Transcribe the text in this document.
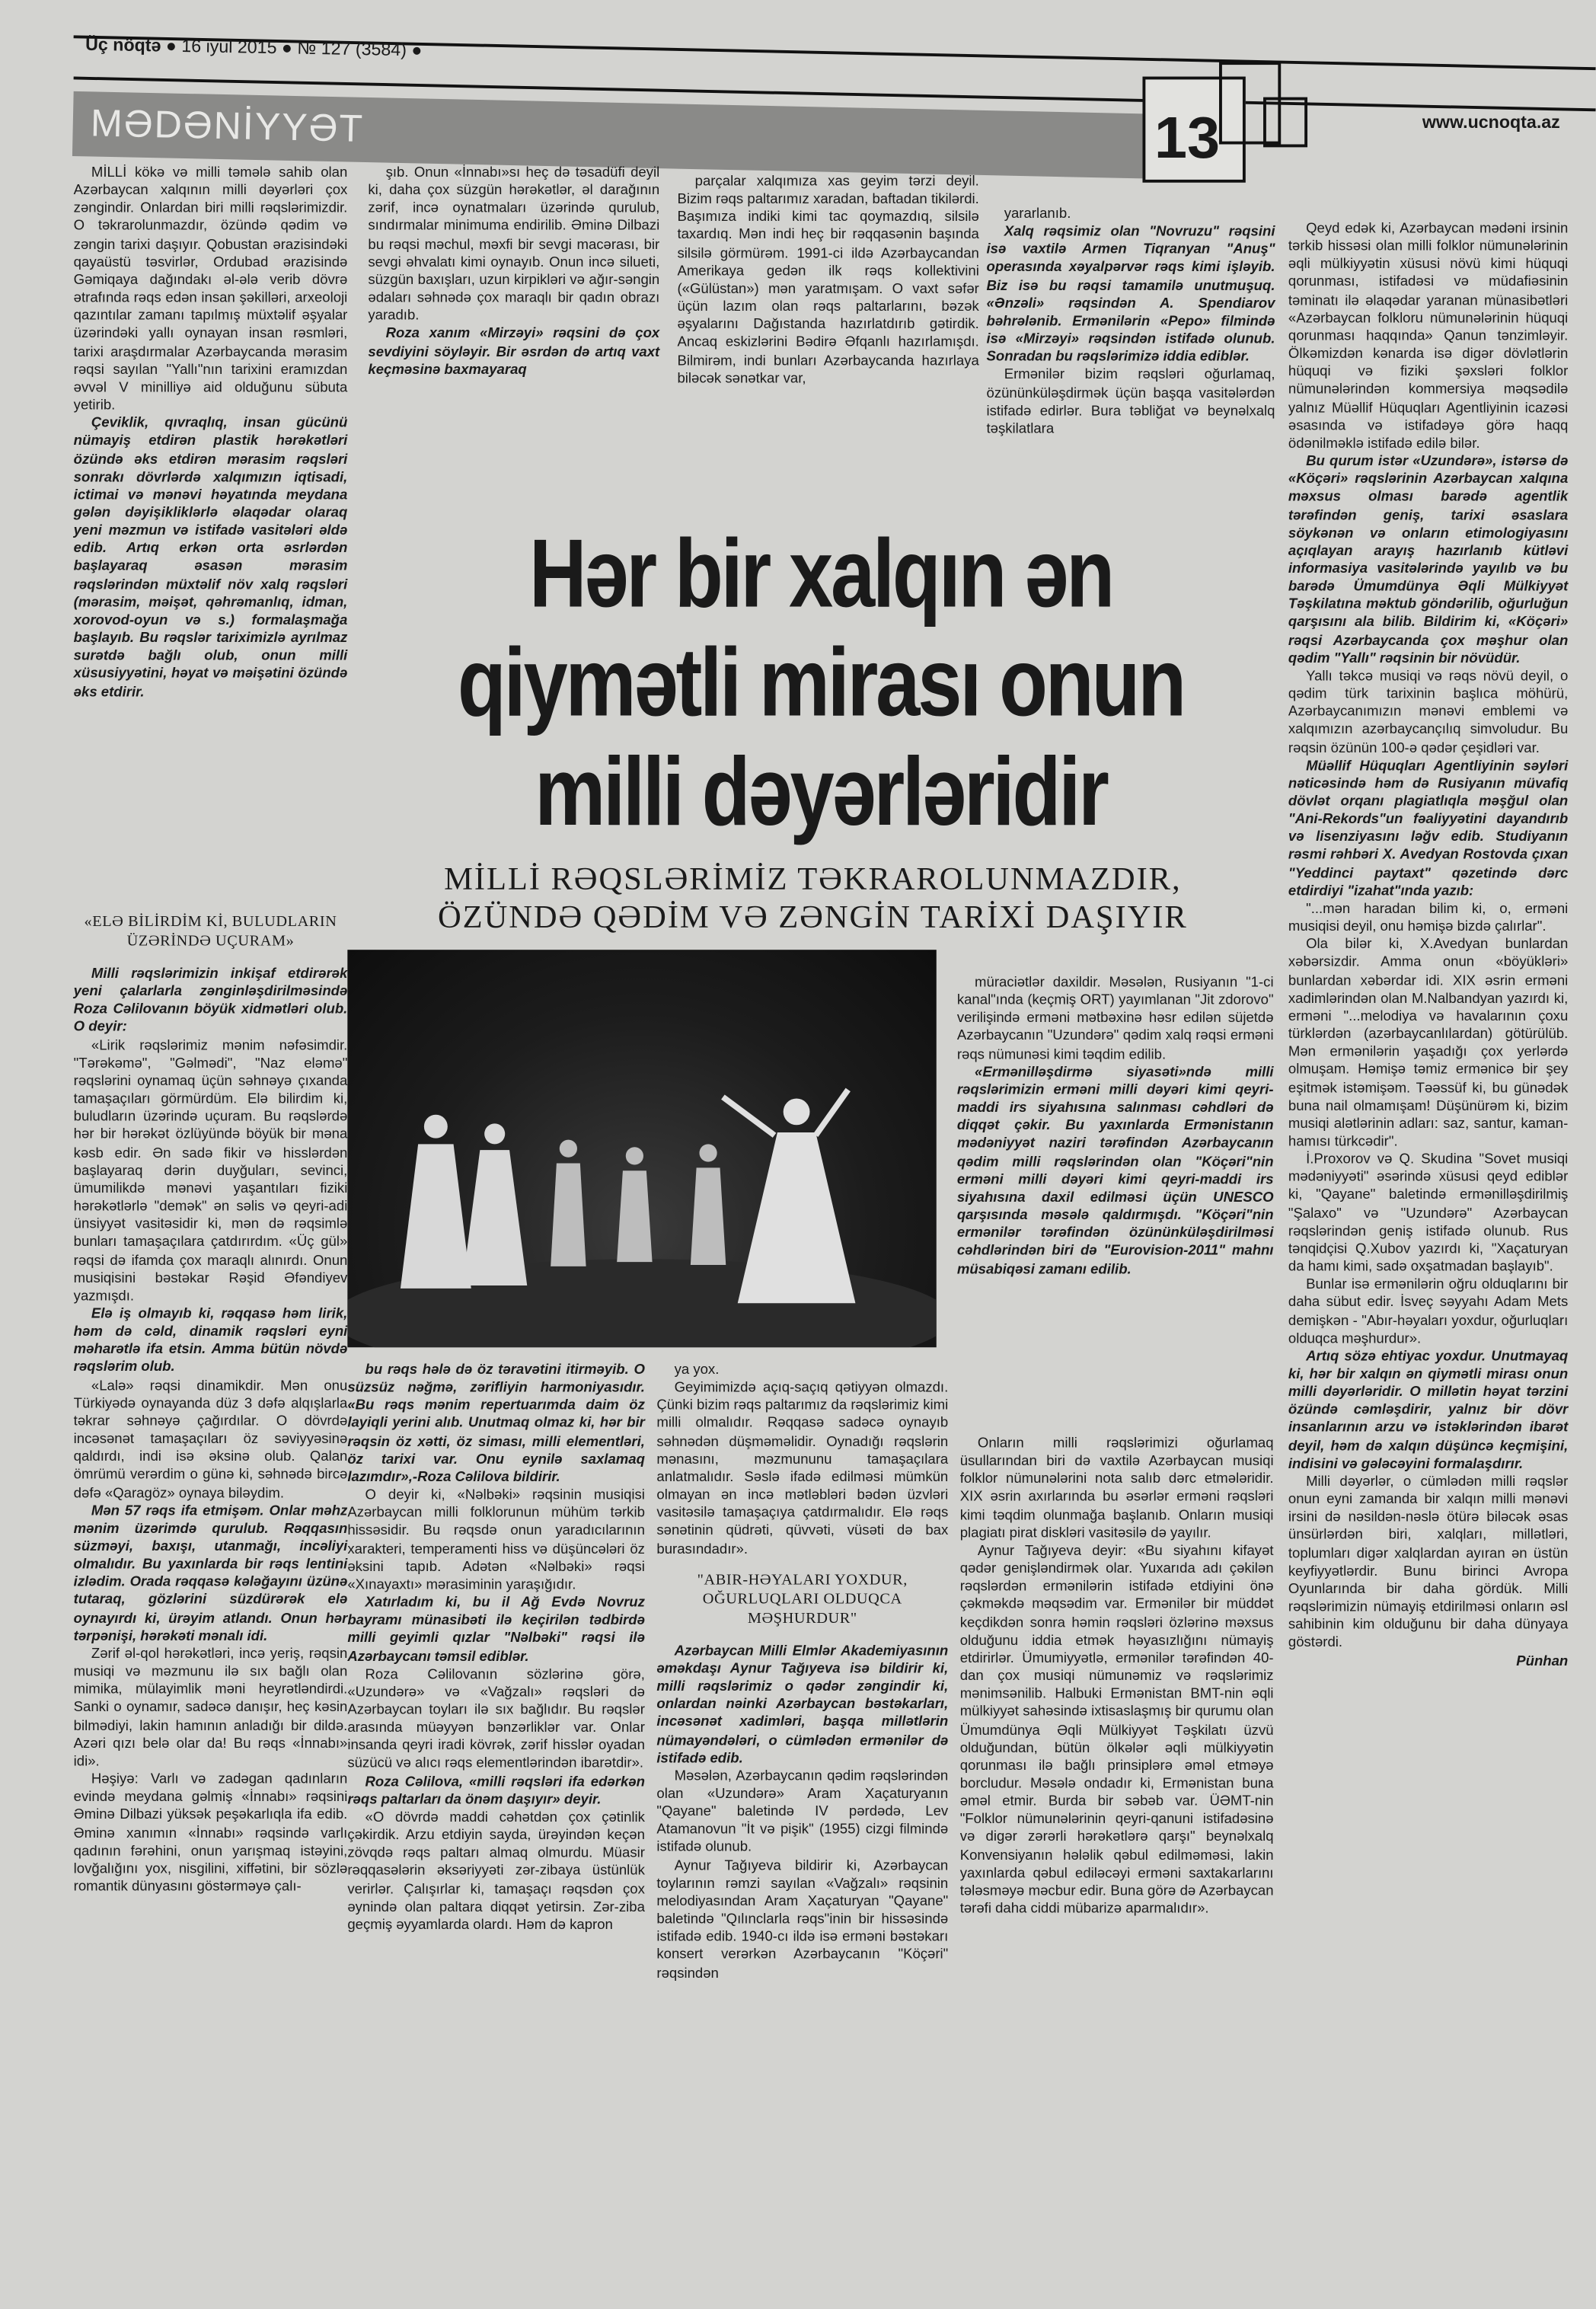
Üç nöqtə ● 16 iyul 2015 ● № 127 (3584) ●
MƏDƏNİYYƏT	13	www.ucnoqta.az

MİLLİ kökə və milli təmələ sahib olan Azərbaycan xalqının milli dəyərləri çox zəngindir. Onlardan biri milli rəqslərimizdir. O təkrarolunmazdır, özündə qədim və zəngin tarixi daşıyır. Qobustan ərazisindəki qayaüstü təsvirlər, Ordubad ərazisində Gəmiqaya dağındakı əl-ələ verib dövrə ətrafında rəqs edən insan şəkilləri, arxeoloji qazıntılar zamanı tapılmış müxtəlif əşyalar üzərindəki yallı oynayan insan rəsmləri, tarixi araşdırmalar Azərbaycanda mərasim rəqsi sayılan "Yallı"nın tarixini eramızdan əvvəl V minilliyə aid olduğunu sübuta yetirib.

Çeviklik, qıvraqlıq, insan gücünü nümayiş etdirən plastik hərəkətləri özündə əks etdirən mərasim rəqsləri sonrakı dövrlərdə xalqımızın iqtisadi, ictimai və mənəvi həyatında meydana gələn dəyişikliklərlə əlaqədar olaraq yeni məzmun və istifadə vasitələri əldə edib. Artıq erkən orta əsrlərdən başlayaraq əsasən mərasim rəqslərindən müxtəlif növ xalq rəqsləri (mərasim, məişət, qəhrəmanlıq, idman, xorovod-oyun və s.) formalaşmağa başlayıb. Bu rəqslər tariximizlə ayrılmaz surətdə bağlı olub, onun milli xüsusiyyətini, həyat və məişətini özündə əks etdirir.

şıb. Onun «İnnabı»sı heç də təsadüfi deyil ki, daha çox süzgün hərəkətlər, əl darağının zərif, incə oynatmaları üzərində qurulub, sındırmalar minimuma endirilib. Əminə Dilbazi bu rəqsi məchul, məxfi bir sevgi macərası, bir sevgi əhvalatı kimi oynayıb. Onun incə silueti, süzgün baxışları, uzun kirpikləri və ağır-səngin ədaları səhnədə çox maraqlı bir qadın obrazı yaradıb.

Roza xanım «Mirzəyi» rəqsini də çox sevdiyini söyləyir. Bir əsrdən də artıq vaxt keçməsinə baxmayaraq

parçalar xalqımıza xas geyim tərzi deyil. Bizim rəqs paltarımız xaradan, baftadan tikilərdi. Başımıza indiki kimi tac qoymazdıq, silsilə taxardıq. Mən indi heç bir rəqqasənin başında silsilə görmürəm. 1991-ci ildə Azərbaycandan Amerikaya gedən ilk rəqs kollektivini («Gülüstan») mən yaratmışam. O vaxt səfər üçün lazım olan rəqs paltarlarını, bəzək əşyalarını Dağıstanda hazırlatdırıb gətirdik. Ancaq eskizlərini Bədirə Əfqanlı hazırlamışdı. Bilmirəm, indi bunları Azərbaycanda hazırlaya biləcək sənətkar var,

yararlanıb.

Xalq rəqsimiz olan "Novruzu" rəqsini isə vaxtilə Armen Tiqranyan "Anuş" operasında xəyalpərvər rəqs kimi işləyib. Biz isə bu rəqsi tamamilə unutmuşuq. «Ənzəli» rəqsindən A. Spendiarov bəhrələnib. Ermənilərin «Pepo» filmində isə «Mirzəyi» rəqsindən istifadə olunub. Sonradan bu rəqslərimizə iddia ediblər.

Ermənilər bizim rəqsləri oğurlamaq, özününküləşdirmək üçün başqa vasitələrdən istifadə edirlər. Bura təbliğat və beynəlxalq təşkilatlara

Qeyd edək ki, Azərbaycan mədəni irsinin tərkib hissəsi olan milli folklor nümunələrinin əqli mülkiyyətin xüsusi növü kimi hüquqi qorunması, istifadəsi və müdafiəsinin təminatı ilə əlaqədar yaranan münasibətləri «Azərbaycan folkloru nümunələrinin hüquqi qorunması haqqında» Qanun tənzimləyir. Ölkəmizdən kənarda isə digər dövlətlərin hüquqi və fiziki şəxsləri folklor nümunələrindən kommersiya məqsədilə yalnız Müəllif Hüquqları Agentliyinin icazəsi əsasında və istifadəyə görə haqq ödənilməklə istifadə edilə bilər.

Bu qurum istər «Uzundərə», istərsə də «Köçəri» rəqslərinin Azərbaycan xalqına məxsus olması barədə agentlik tərəfindən geniş, tarixi əsaslara söykənən və onların etimologiyasını açıqlayan arayış hazırlanıb kütləvi informasiya vasitələrində yayılıb və bu barədə Ümumdünya Əqli Mülkiyyət Təşkilatına məktub göndərilib, oğurluğun qarşısını ala bilib. Bildirim ki, «Köçəri» rəqsi Azərbaycanda çox məşhur olan qədim "Yallı" rəqsinin bir növüdür.

Yallı təkcə musiqi və rəqs növü deyil, o qədim türk tarixinin başlıca möhürü, Azərbaycanımızın mənəvi emblemi və xalqımızın azərbaycançılıq simvoludur. Bu rəqsin özünün 100-ə qədər çeşidləri var.

Müəllif Hüquqları Agentliyinin səyləri nəticəsində həm də Rusiyanın müvafiq dövlət orqanı plagiatlıqla məşğul olan "Ani-Rekords"un fəaliyyətini dayandırıb və lisenziyasını ləğv edib. Studiyanın rəsmi rəhbəri X. Avedyan Rostovda çıxan "Yeddinci paytaxt" qəzetində dərc etdirdiyi "izahat"ında yazıb:

"...mən haradan bilim ki, o, erməni musiqisi deyil, onu həmişə bizdə çalırlar".

Ola bilər ki, X.Avedyan bunlardan xəbərsizdir. Amma onun «böyükləri» bunlardan xəbərdar idi. XIX əsrin erməni xadimlərindən olan M.Nalbandyan yazırdı ki, erməni "...melodiya və havalarının çoxu türklərdən (azərbaycanlılardan) götürülüb. Mən ermənilərin yaşadığı çox yerlərdə olmuşam. Həmişə təmiz ermənicə bir şey eşitmək istəmişəm. Təəssüf ki, bu günədək buna nail olmamışam! Düşünürəm ki, bizim musiqi alətlərinin adları: saz, santur, kaman-hamısı türkcədir".

İ.Proxorov və Q. Skudina "Sovet musiqi mədəniyyəti" əsərində xüsusi qeyd ediblər ki, "Qayane" baletində ermənilləşdirilmiş "Şalaxo" və "Uzundərə" Azərbaycan rəqslərindən geniş istifadə olunub. Rus tənqidçisi Q.Xubov yazırdı ki, "Xaçaturyan da hamı kimi, sadə oxşatmadan başlayıb".

Bunlar isə ermənilərin oğru olduqlarını bir daha sübut edir. İsveç səyyahı Adam Mets demişkən - "Abır-həyaları yoxdur, oğurluqları olduqca məşhurdur».

Artıq sözə ehtiyac yoxdur. Unutmayaq ki, hər bir xalqın ən qiymətli mirası onun milli dəyərləridir. O millətin həyat tərzini özündə cəmləşdirir, yalnız bir dövr insanlarının arzu və istəklərindən ibarət deyil, həm də xalqın düşüncə keçmişini, indisini və gələcəyini formalaşdırır.

Milli dəyərlər, o cümlədən milli rəqslər onun eyni zamanda bir xalqın milli mənəvi irsini də nəsildən-nəslə ötürə biləcək əsas ünsürlərdən biri, xalqları, millətləri, toplumları digər xalqlardan ayıran ən üstün keyfiyyətlərdir. Bunu birinci Avropa Oyunlarında bir daha gördük. Milli rəqslərimizin nümayiş etdirilməsi onların əsl sahibinin kim olduğunu bir daha dünyaya göstərdi.

Pünhan

Hər bir xalqın ən
qiymətli mirası onun
milli dəyərləridir
MİLLİ RƏQSLƏRİMİZ TƏKRAROLUNMAZDIR,
ÖZÜNDƏ QƏDİM VƏ ZƏNGİN TARİXİ DAŞIYIR

«ELƏ BİLİRDİM Kİ, BULUDLARIN ÜZƏRİNDƏ UÇURAM»

Milli rəqslərimizin inkişaf etdirərək yeni çalarlarla zənginləşdirilməsində Roza Cəlilovanın böyük xidmətləri olub. O deyir:

«Lirik rəqslərimiz mənim nəfəsimdir. "Tərəkəmə", "Gəlmədi", "Naz eləmə" rəqslərini oynamaq üçün səhnəyə çıxanda tamaşaçıları görmürdüm. Elə bilirdim ki, buludların üzərində uçuram. Bu rəqslərdə hər bir hərəkət özlüyündə böyük bir məna kəsb edir. Ən sadə fikir və hisslərdən başlayaraq dərin duyğuları, sevinci, ümumilikdə mənəvi yaşantıları fiziki hərəkətlərlə "demək" ən səlis və qeyri-adi ünsiyyət vasitəsidir ki, mən də rəqsimlə bunları tamaşaçılara çatdırırdım. «Üç gül» rəqsi də ifamda çox maraqlı alınırdı. Onun musiqisini bəstəkar Rəşid Əfəndiyev yazmışdı.

Elə iş olmayıb ki, rəqqasə həm lirik, həm də cəld, dinamik rəqsləri eyni məharətlə ifa etsin. Amma bütün növdə rəqslərim olub.

«Lalə» rəqsi dinamikdir. Mən onu Türkiyədə oynayanda düz 3 dəfə alqışlarla təkrar səhnəyə çağırdılar. O dövrdə incəsənət tamaşaçıları öz səviyyəsinə qaldırdı, indi isə əksinə olub. Qalan ömrümü verərdim o günə ki, səhnədə bircə dəfə «Qaragöz» oynaya biləydim.

Mən 57 rəqs ifa etmişəm. Onlar məhz mənim üzərimdə qurulub. Rəqqasın süzməyi, baxışı, utanmağı, incəliyi olmalıdır. Bu yaxınlarda bir rəqs lentini izlədim. Orada rəqqasə kələğayını üzünə tutaraq, gözlərini süzdürərək elə oynayırdı ki, ürəyim atlandı. Onun hər tərpənişi, hərəkəti mənalı idi.

Zərif əl-qol hərəkətləri, incə yeriş, rəqsin musiqi və məzmunu ilə sıx bağlı olan mimika, mülayimlik məni heyrətləndirdi. Sanki o oynamır, sadəcə danışır, heç kəsin bilmədiyi, lakin hamının anladığı bir dildə. Azəri qızı belə olar da! Bu rəqs «İnnabı» idi».

Həşiyə: Varlı və zadəgan qadınların evində meydana gəlmiş «İnnabı» rəqsini Əminə Dilbazi yüksək peşəkarlıqla ifa edib. Əminə xanımın «İnnabı» rəqsində varlı qadının fərəhini, onun yarışmaq istəyini, lovğalığını yox, nisgilini, xiffətini, bir sözlə romantik dünyasını göstərməyə çalı-

müraciətlər daxildir. Məsələn, Rusiyanın "1-ci kanal"ında (keçmiş ORT) yayımlanan "Jit zdorovo" verilişində erməni mətbəxinə həsr edilən süjetdə Azərbaycanın "Uzundərə" qədim xalq rəqsi erməni rəqs nümunəsi kimi təqdim edilib.

«Ermənilləşdirmə siyasəti»ndə milli rəqslərimizin erməni milli dəyəri kimi qeyri-maddi irs siyahısına salınması cəhdləri də diqqət çəkir. Bu yaxınlarda Ermənistanın mədəniyyət naziri tərəfindən Azərbaycanın qədim milli rəqslərindən olan "Köçəri"nin erməni milli dəyəri kimi qeyri-maddi irs siyahısına daxil edilməsi üçün UNESCO qarşısında məsələ qaldırmışdı. "Köçəri"nin ermənilər tərəfindən özününküləşdirilməsi cəhdlərindən biri də "Eurovision-2011" mahnı müsabiqəsi zamanı edilib.

bu rəqs hələ də öz təravətini itirməyib. O süzsüz nəğmə, zərifliyin harmoniyasıdır. «Bu rəqs mənim repertuarımda daim öz layiqli yerini alıb. Unutmaq olmaz ki, hər bir rəqsin öz xətti, öz siması, milli elementləri, öz tarixi var. Onu eynilə saxlamaq lazımdır»,-Roza Cəlilova bildirir.

O deyir ki, «Nəlbəki» rəqsinin musiqisi Azərbaycan milli folklorunun mühüm tərkib hissəsidir. Bu rəqsdə onun yaradıcılarının xarakteri, temperamenti hiss və düşüncələri öz əksini tapıb. Adətən «Nəlbəki» rəqsi «Xınayaxtı» mərasiminin yaraşığıdır.

Xatırladım ki, bu il Ağ Evdə Novruz bayramı münasibəti ilə keçirilən tədbirdə milli geyimli qızlar "Nəlbəki" rəqsi ilə Azərbaycanı təmsil ediblər.

Roza Cəlilovanın sözlərinə görə, «Uzundərə» və «Vağzalı» rəqsləri də Azərbaycan toyları ilə sıx bağlıdır. Bu rəqslər arasında müəyyən bənzərliklər var. Onlar insanda qeyri iradi kövrək, zərif hisslər oyadan süzücü və alıcı rəqs elementlərindən ibarətdir».

Roza Cəlilova, «milli rəqsləri ifa edərkən rəqs paltarları da önəm daşıyır» deyir.

«O dövrdə maddi cəhətdən çox çətinlik çəkirdik. Arzu etdiyin sayda, ürəyindən keçən zövqdə rəqs paltarı almaq olmurdu. Müasir rəqqasələrin əksəriyyəti zər-zibaya üstünlük verirlər. Çalışırlar ki, tamaşaçı rəqsdən çox əynində olan paltara diqqət yetirsin. Zər-ziba geçmiş əyyamlarda olardı. Həm də kapron

ya yox.

Geyimimizdə açıq-saçıq qətiyyən olmazdı. Çünki bizim rəqs paltarımız da rəqslərimiz kimi milli olmalıdır. Rəqqasə sadəcə oynayıb səhnədən düşməməlidir. Oynadığı rəqslərin mənasını, məzmununu tamaşaçılara anlatmalıdır. Səslə ifadə edilməsi mümkün olmayan ən incə mətləbləri bədən üzvləri vasitəsilə tamaşaçıya çatdırmalıdır. Elə rəqs sənətinin qüdrəti, qüvvəti, vüsəti də bax burasındadır».

"ABIR-HƏYALARI YOXDUR, OĞURLUQLARI OLDUQCA MƏŞHURDUR"

Azərbaycan Milli Elmlər Akademiyasının əməkdaşı Aynur Tağıyeva isə bildirir ki, milli rəqslərimiz o qədər zəngindir ki, onlardan nəinki Azərbaycan bəstəkarları, incəsənət xadimləri, başqa millətlərin nümayəndələri, o cümlədən ermənilər də istifadə edib.

Məsələn, Azərbaycanın qədim rəqslərindən olan «Uzundərə» Aram Xaçaturyanın "Qayane" baletində IV pərdədə, Lev Atamanovun "İt və pişik" (1955) cizgi filmində istifadə olunub.

Aynur Tağıyeva bildirir ki, Azərbaycan toylarının rəmzi sayılan «Vağzalı» rəqsinin melodiyasından Aram Xaçaturyan "Qayane" baletində "Qılınclarla rəqs"inin bir hissəsində istifadə edib. 1940-cı ildə isə erməni bəstəkarı konsert verərkən Azərbaycanın "Köçəri" rəqsindən

Onların milli rəqslərimizi oğurlamaq üsullarından biri də vaxtilə Azərbaycan musiqi folklor nümunələrini nota salıb dərc etmələridir. XIX əsrin axırlarında bu əsərlər erməni rəqsləri kimi təqdim olunmağa başlanıb. Onların musiqi plagiatı pirat diskləri vasitəsilə də yayılır.

Aynur Tağıyeva deyir: «Bu siyahını kifayət qədər genişləndirmək olar. Yuxarıda adı çəkilən rəqslərdən ermənilərin istifadə etdiyini önə çəkməkdə məqsədim var. Ermənilər bir müddət keçdikdən sonra həmin rəqsləri özlərinə məxsus olduğunu iddia etmək həyasızlığını nümayiş etdirirlər. Ümumiyyətlə, ermənilər tərəfindən 40-dan çox musiqi nümunəmiz və rəqslərimiz mənimsənilib. Halbuki Ermənistan BMT-nin əqli mülkiyyət sahəsində ixtisaslaşmış bir qurumu olan Ümumdünya Əqli Mülkiyyət Təşkilatı üzvü olduğundan, bütün ölkələr əqli mülkiyyətin qorunması ilə bağlı prinsiplərə əməl etməyə borcludur. Məsələ ondadır ki, Ermənistan buna əməl etmir. Burda bir səbəb var. ÜƏMT-nin "Folklor nümunələrinin qeyri-qanuni istifadəsinə və digər zərərli hərəkətlərə qarşı" beynəlxalq Konvensiyanın hələlik qəbul edilməməsi, lakin yaxınlarda qəbul ediləcəyi erməni saxtakarlarını tələsməyə məcbur edir. Buna görə də Azərbaycan tərəfi daha ciddi mübarizə aparmalıdır».
